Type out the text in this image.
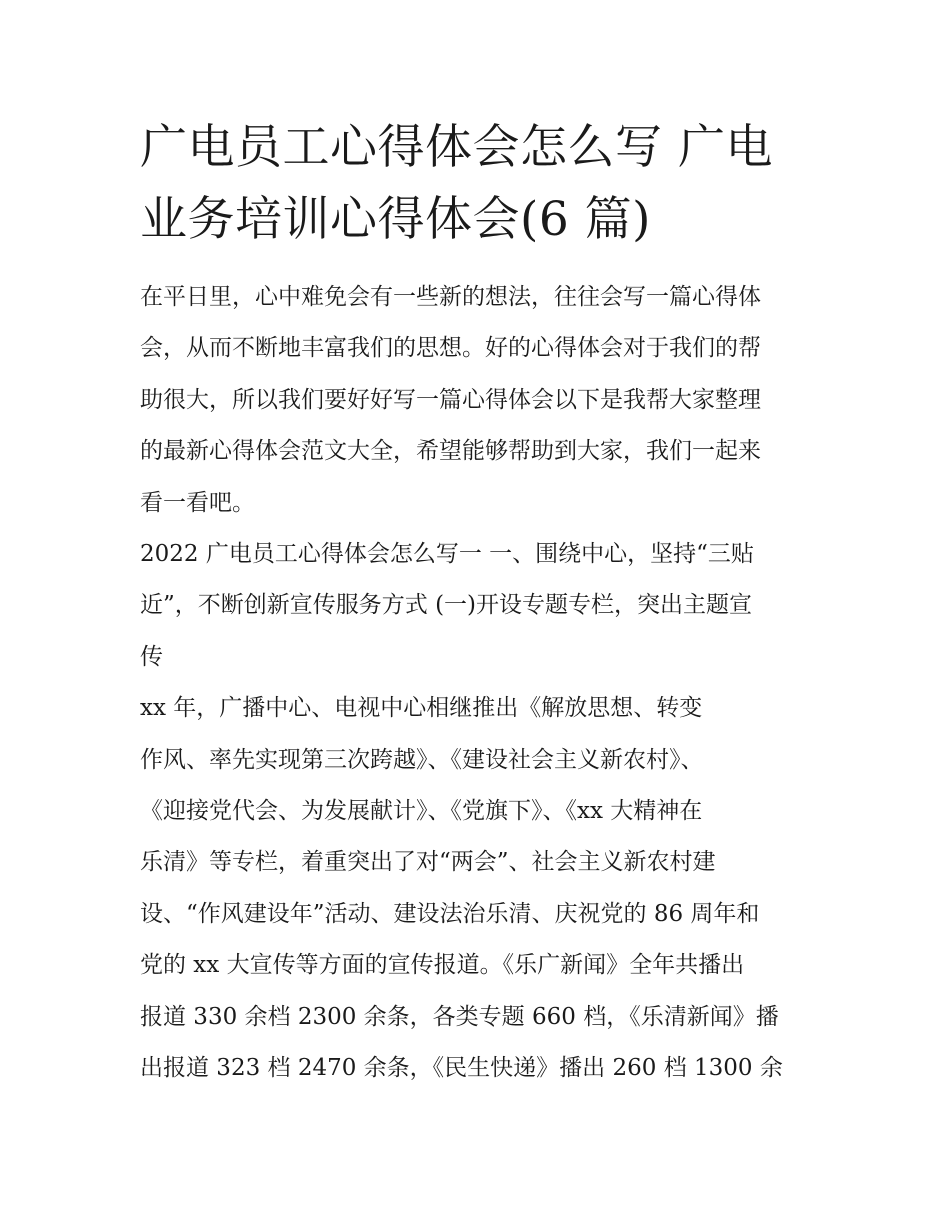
广电员工心得体会怎么写 广电
业务培训心得体会(6 篇)

在平日里，心中难免会有一些新的想法，往往会写一篇心得体
会，从而不断地丰富我们的思想。好的心得体会对于我们的帮
助很大，所以我们要好好写一篇心得体会以下是我帮大家整理
的最新心得体会范文大全，希望能够帮助到大家，我们一起来
看一看吧。

2022 广电员工心得体会怎么写一 一、围绕中心，坚持“三贴
近”，不断创新宣传服务方式 (一)开设专题专栏，突出主题宣
传

xx 年，广播中心、电视中心相继推出《解放思想、转变
作风、率先实现第三次跨越》、《建设社会主义新农村》、
《迎接党代会、为发展献计》、《党旗下》、《xx 大精神在
乐清》等专栏，着重突出了对“两会”、社会主义新农村建
设、“作风建设年”活动、建设法治乐清、庆祝党的 86 周年和
党的 xx 大宣传等方面的宣传报道。《乐广新闻》全年共播出
报道 330 余档 2300 余条，各类专题 660 档，《乐清新闻》播
出报道 323 档 2470 余条，《民生快递》播出 260 档 1300 余
